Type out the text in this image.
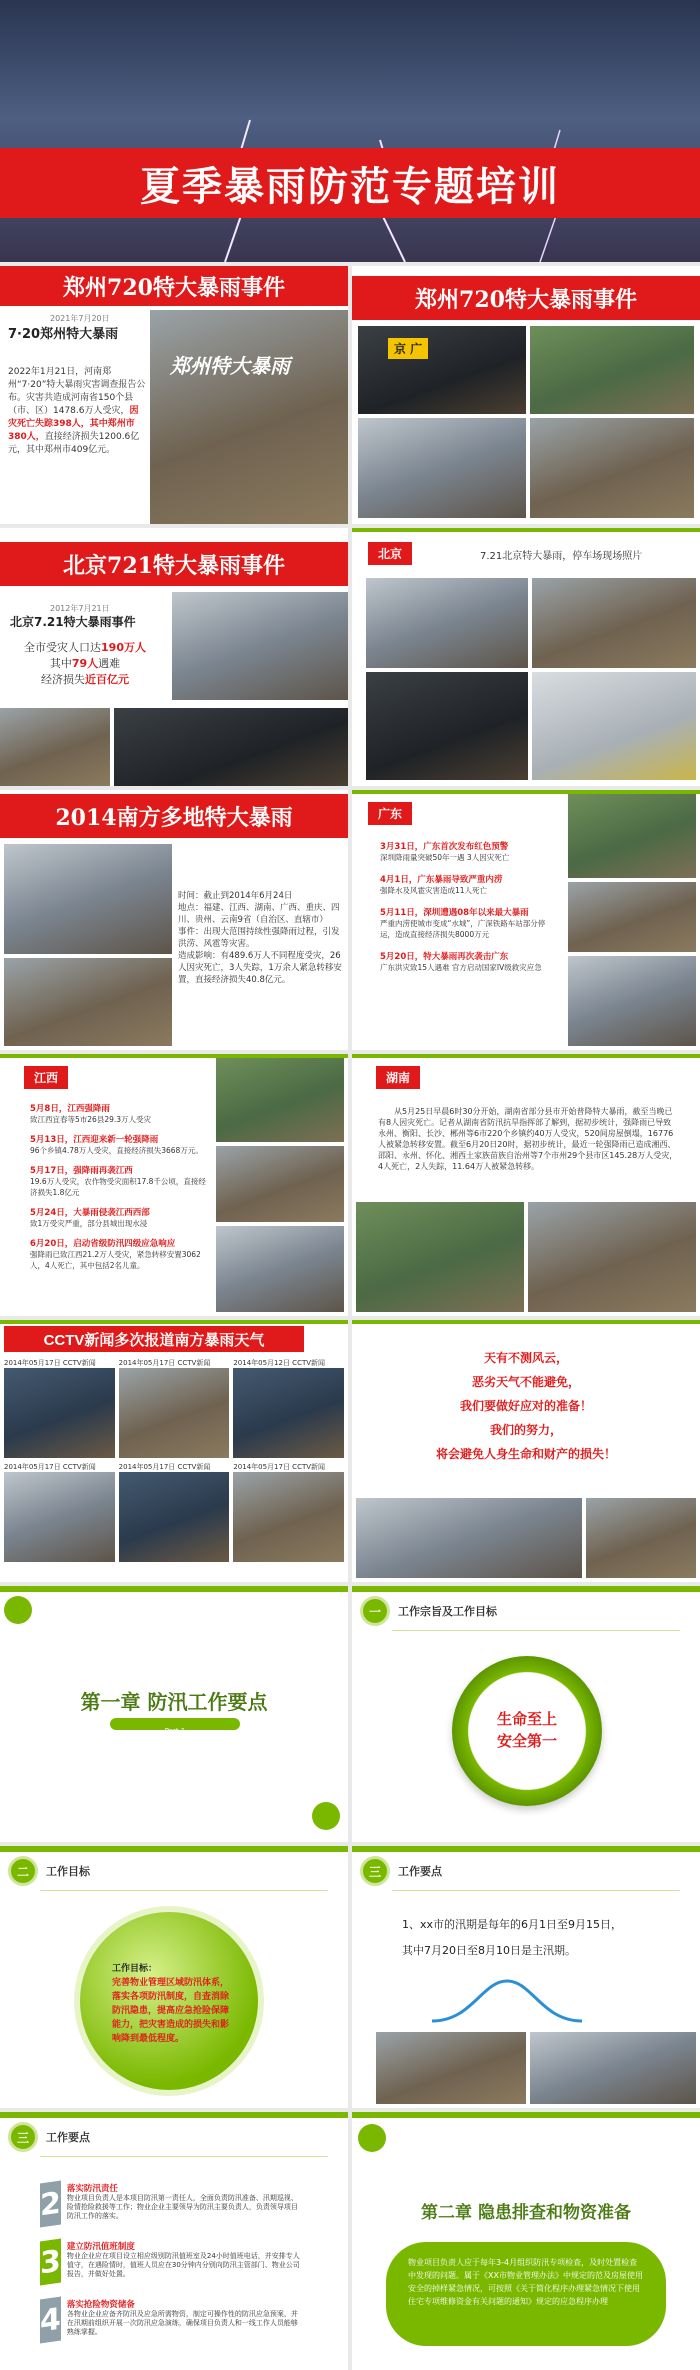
夏季暴雨防范专题培训
郑州720特大暴雨事件
2021年7月20日
7·20郑州特大暴雨
2022年1月21日，河南郑州“7·20”特大暴雨灾害调查报告公布。灾害共造成河南省150个县（市、区）1478.6万人受灾，因灾死亡失踪398人，其中郑州市380人，直接经济损失1200.6亿元，其中郑州市409亿元。
郑州特大暴雨
郑州720特大暴雨事件
京 广
北京721特大暴雨事件
2012年7月21日
北京7.21特大暴雨事件
全市受灾人口达190万人
其中79人遇难
经济损失近百亿元
北京	7.21北京特大暴雨，停车场现场照片
2014南方多地特大暴雨
时间：截止到2014年6月24日
地点：福建、江西、湖南、广西、重庆、四川、贵州、云南9省（自治区、直辖市）
事件：出现大范围持续性强降雨过程，引发洪涝、风雹等灾害。
造成影响：有489.6万人不同程度受灾，26人因灾死亡，3人失踪，1万余人紧急转移安置，直接经济损失40.8亿元。
广东
3月31日，广东首次发布红色预警
深圳降雨量突破50年一遇 3人因灾死亡
4月1日，广东暴雨导致严重内涝
强降水及风雹灾害造成11人死亡
5月11日，深圳遭遇08年以来最大暴雨
严重内涝使城市变成“水城”，广深铁路车站部分停运，造成直接经济损失8000万元
5月20日，特大暴雨再次袭击广东
广东洪灾致15人遇难 官方启动国家IV级救灾应急
江西
5月8日，江西强降雨
致江西宜春等5市26县29.3万人受灾
5月13日，江西迎来新一轮强降雨
96个乡镇4.78万人受灾，直接经济损失3668万元。
5月17日，强降雨再袭江西
19.6万人受灾，农作物受灾面积17.8千公顷，直接经济损失1.8亿元
5月24日，大暴雨侵袭江西西部
致1万受灾严重，部分县城出现水浸
6月20日，启动省级防汛四级应急响应
强降雨已致江西21.2万人受灾，紧急转移安置3062人，4人死亡，其中包括2名儿童。
湖南
从5月25日早晨6时30分开始，湖南省部分县市开始普降特大暴雨，截至当晚已有8人因灾死亡。记者从湖南省防汛抗旱指挥部了解到，据初步统计，强降雨已导致永州、衡阳、长沙、郴州等6市220个乡镇约40万人受灾，520间房屋倒塌，16776人被紧急转移安置。截至6月20日20时，据初步统计，最近一轮强降雨已造成湘西、邵阳、永州、怀化、湘西土家族苗族自治州等7个市州29个县市区145.28万人受灾，4人死亡，2人失踪，11.64万人被紧急转移。
CCTV新闻多次报道南方暴雨天气
2014年05月17日 CCTV新闻	2014年05月17日 CCTV新闻	2014年05月12日 CCTV新闻
2014年05月17日 CCTV新闻	2014年05月17日 CCTV新闻	2014年05月17日 CCTV新闻
天有不测风云，
恶劣天气不能避免，
我们要做好应对的准备！
我们的努力，
将会避免人身生命和财产的损失！
第一章 防汛工作要点
Part 1
一	工作宗旨及工作目标
生命至上
安全第一
二	工作目标
工作目标：
完善物业管理区域防汛体系，落实各项防汛制度，自查消除防汛隐患，提高应急抢险保障能力，把灾害造成的损失和影响降到最低程度。
三	工作要点
1、xx市的汛期是每年的6月1日至9月15日，
其中7月20日至8月10日是主汛期。
三	工作要点
2 落实防汛责任
物业项目负责人是本项目防汛第一责任人，全面负责防汛准备、汛期巡视、险情抢险救援等工作；物业企业主要领导为防汛主要负责人，负责领导项目防汛工作的落实。
3 建立防汛值班制度
物业企业应在项目设立相应级别防汛值班室及24小时值班电话，并安排专人值守，在遇险情时，值班人员应在30分钟内分别向防汛主管部门、物业公司报告，并做好处置。
4 落实抢险物资储备
各物业企业应备齐防汛及应急所需物资，制定可操作性的防汛应急预案，并在汛期前组织开展一次防汛应急演练，确保项目负责人和一线工作人员能够熟练掌握。
第二章 隐患排查和物资准备
物业项目负责人应于每年3-4月组织防汛专项检查，及时处置检查中发现的问题。属于《XX市物业管理办法》中规定的范及房屋使用安全的掉样紧急情况，可按照《关于简化程序办理紧急情况下使用住宅专项维修资金有关问题的通知》规定的应急程序办理
